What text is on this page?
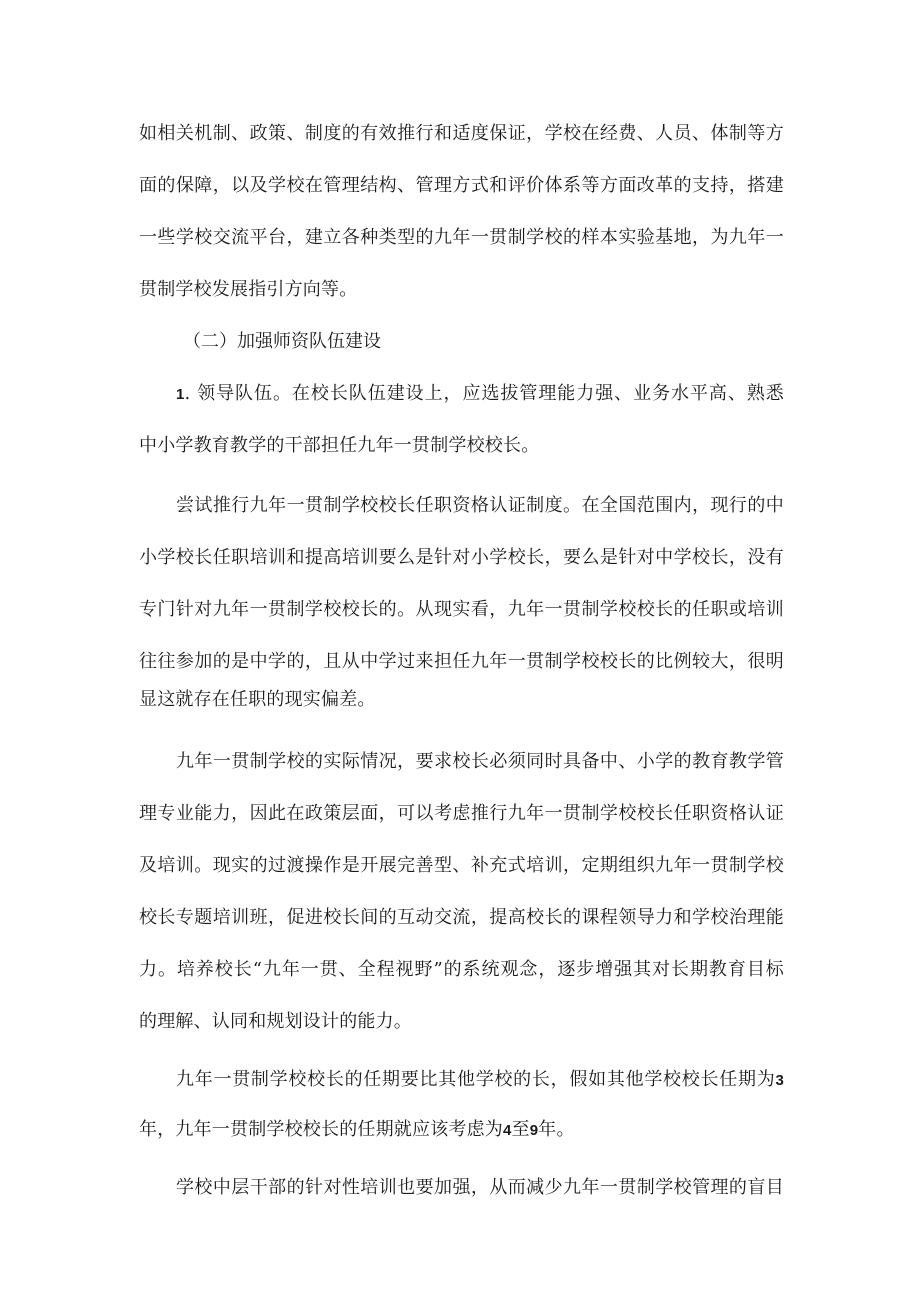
如相关机制、政策、制度的有效推行和适度保证，学校在经费、人员、体制等方
面的保障，以及学校在管理结构、管理方式和评价体系等方面改革的支持，搭建
一些学校交流平台，建立各种类型的九年一贯制学校的样本实验基地，为九年一
贯制学校发展指引方向等。
（二）加强师资队伍建设
1. 领导队伍。在校长队伍建设上，应选拔管理能力强、业务水平高、熟悉
中小学教育教学的干部担任九年一贯制学校校长。
尝试推行九年一贯制学校校长任职资格认证制度。在全国范围内，现行的中
小学校长任职培训和提高培训要么是针对小学校长，要么是针对中学校长，没有
专门针对九年一贯制学校校长的。从现实看，九年一贯制学校校长的任职或培训
往往参加的是中学的，且从中学过来担任九年一贯制学校校长的比例较大，很明
显这就存在任职的现实偏差。
九年一贯制学校的实际情况，要求校长必须同时具备中、小学的教育教学管
理专业能力，因此在政策层面，可以考虑推行九年一贯制学校校长任职资格认证
及培训。现实的过渡操作是开展完善型、补充式培训，定期组织九年一贯制学校
校长专题培训班，促进校长间的互动交流，提高校长的课程领导力和学校治理能
力。培养校长“九年一贯、全程视野”的系统观念，逐步增强其对长期教育目标
的理解、认同和规划设计的能力。
九年一贯制学校校长的任期要比其他学校的长，假如其他学校校长任期为3
年，九年一贯制学校校长的任期就应该考虑为4至9年。
学校中层干部的针对性培训也要加强，从而减少九年一贯制学校管理的盲目
